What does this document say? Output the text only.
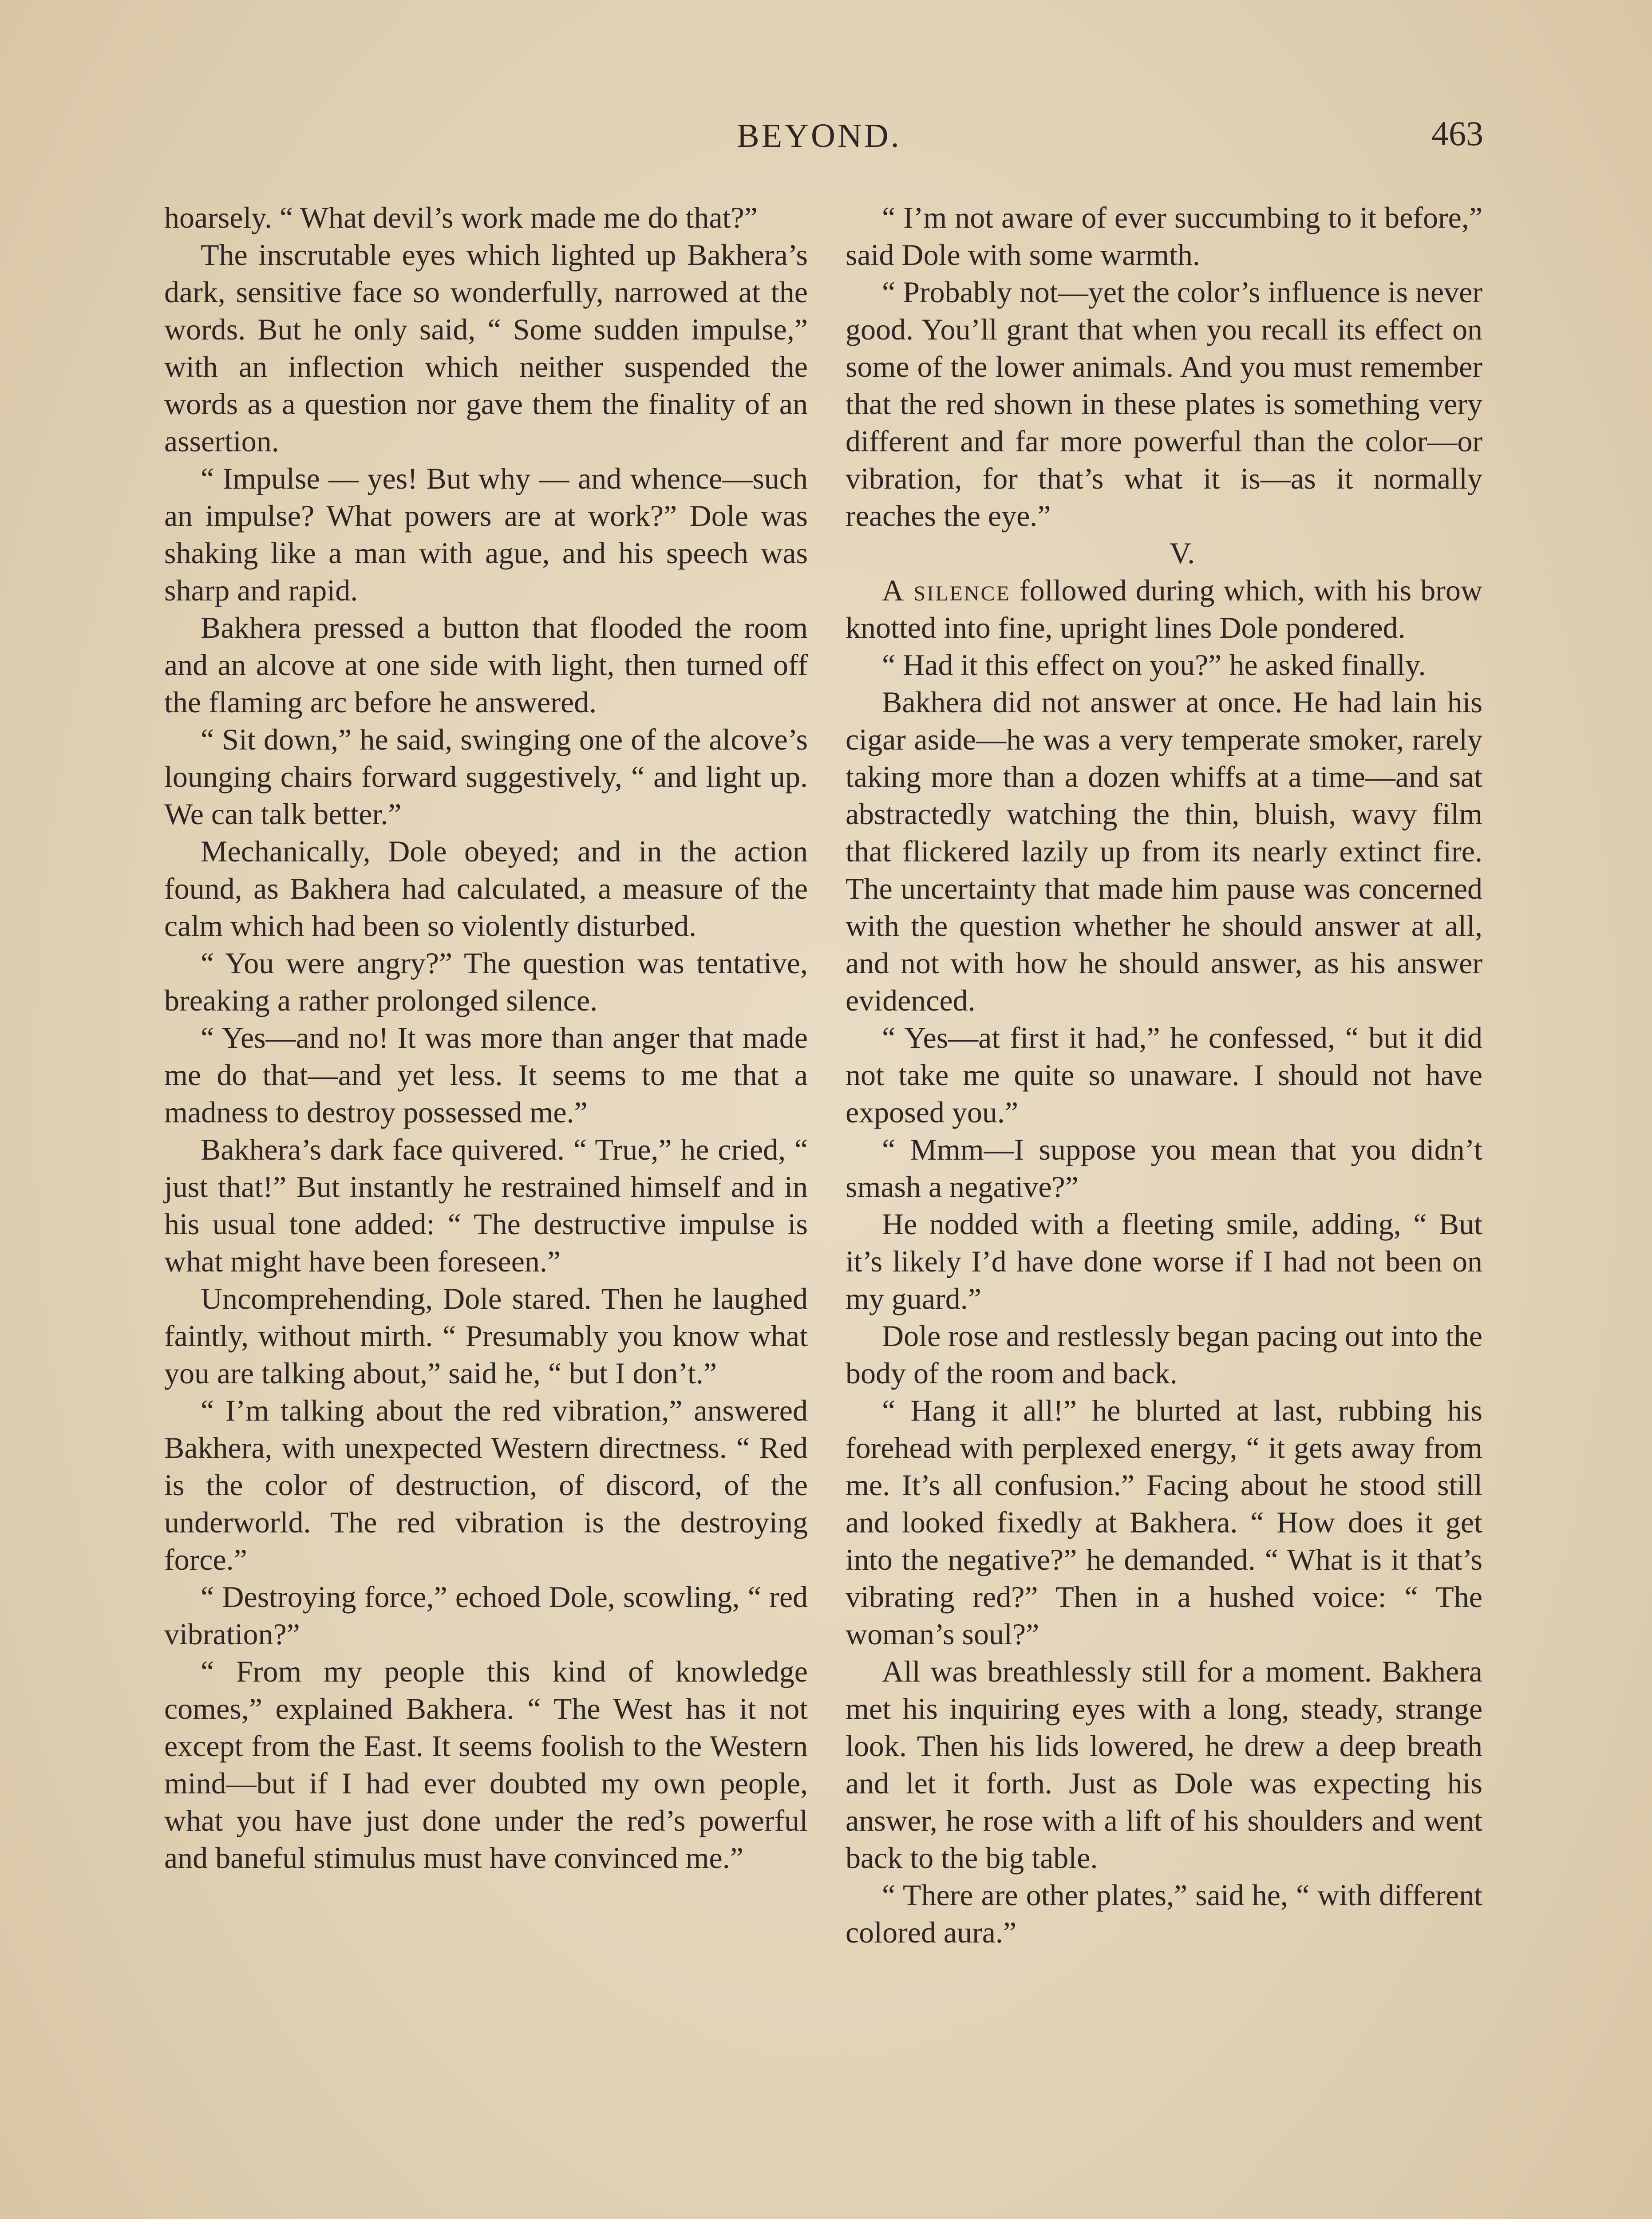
BEYOND.	463

hoarsely. “ What devil’s work made me do that?”

The inscrutable eyes which lighted up Bakhera’s dark, sensitive face so wonderfully, narrowed at the words. But he only said, “ Some sudden impulse,” with an inflection which neither suspended the words as a question nor gave them the finality of an assertion.

“ Impulse — yes! But why — and whence—such an impulse? What powers are at work?” Dole was shaking like a man with ague, and his speech was sharp and rapid.

Bakhera pressed a button that flooded the room and an alcove at one side with light, then turned off the flaming arc before he answered.

“ Sit down,” he said, swinging one of the alcove’s lounging chairs forward suggestively, “ and light up. We can talk better.”

Mechanically, Dole obeyed; and in the action found, as Bakhera had calculated, a measure of the calm which had been so violently disturbed.

“ You were angry?” The question was tentative, breaking a rather prolonged silence.

“ Yes—and no! It was more than anger that made me do that—and yet less. It seems to me that a madness to destroy possessed me.”

Bakhera’s dark face quivered. “ True,” he cried, “ just that!” But instantly he restrained himself and in his usual tone added: “ The destructive impulse is what might have been foreseen.”

Uncomprehending, Dole stared. Then he laughed faintly, without mirth. “ Presumably you know what you are talking about,” said he, “ but I don’t.”

“ I’m talking about the red vibration,” answered Bakhera, with unexpected Western directness. “ Red is the color of destruction, of discord, of the underworld. The red vibration is the destroying force.”

“ Destroying force,” echoed Dole, scowling, “ red vibration?”

“ From my people this kind of knowledge comes,” explained Bakhera. “ The West has it not except from the East. It seems foolish to the Western mind—but if I had ever doubted my own people, what you have just done under the red’s powerful and baneful stimulus must have convinced me.”

“ I’m not aware of ever succumbing to it before,” said Dole with some warmth.

“ Probably not—yet the color’s influence is never good. You’ll grant that when you recall its effect on some of the lower animals. And you must remember that the red shown in these plates is something very different and far more powerful than the color—or vibration, for that’s what it is—as it normally reaches the eye.”

V.

A silence followed during which, with his brow knotted into fine, upright lines Dole pondered.

“ Had it this effect on you?” he asked finally.

Bakhera did not answer at once. He had lain his cigar aside—he was a very temperate smoker, rarely taking more than a dozen whiffs at a time—and sat abstractedly watching the thin, bluish, wavy film that flickered lazily up from its nearly extinct fire. The uncertainty that made him pause was concerned with the question whether he should answer at all, and not with how he should answer, as his answer evidenced.

“ Yes—at first it had,” he confessed, “ but it did not take me quite so unaware. I should not have exposed you.”

“ Mmm—I suppose you mean that you didn’t smash a negative?”

He nodded with a fleeting smile, adding, “ But it’s likely I’d have done worse if I had not been on my guard.”

Dole rose and restlessly began pacing out into the body of the room and back.

“ Hang it all!” he blurted at last, rubbing his forehead with perplexed energy, “ it gets away from me. It’s all confusion.” Facing about he stood still and looked fixedly at Bakhera. “ How does it get into the negative?” he demanded. “ What is it that’s vibrating red?” Then in a hushed voice: “ The woman’s soul?”

All was breathlessly still for a moment. Bakhera met his inquiring eyes with a long, steady, strange look. Then his lids lowered, he drew a deep breath and let it forth. Just as Dole was expecting his answer, he rose with a lift of his shoulders and went back to the big table.

“ There are other plates,” said he, “ with different colored aura.”
